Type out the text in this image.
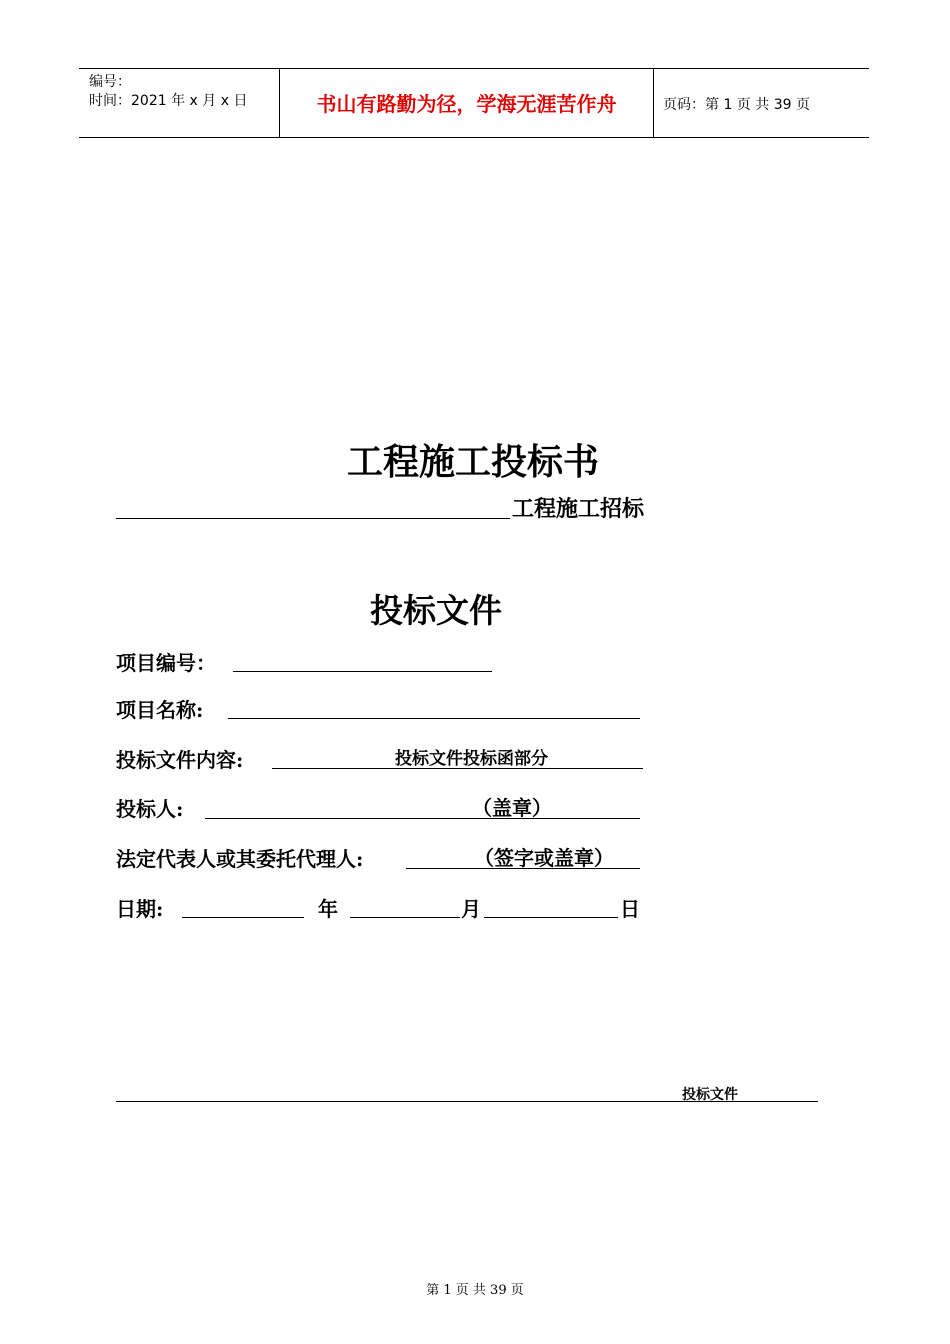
编号：
时间：2021 年 x 月 x 日	书山有路勤为径，学海无涯苦作舟	页码：第 1 页 共 39 页
工程施工投标书
工程施工招标
投标文件
项目编号：
项目名称:
投标文件内容:	投标文件投标函部分
投标人:	（盖章）
法定代表人或其委托代理人:	（签字或盖章）
日期:	年	月	日
投标文件
第 1 页 共 39 页
